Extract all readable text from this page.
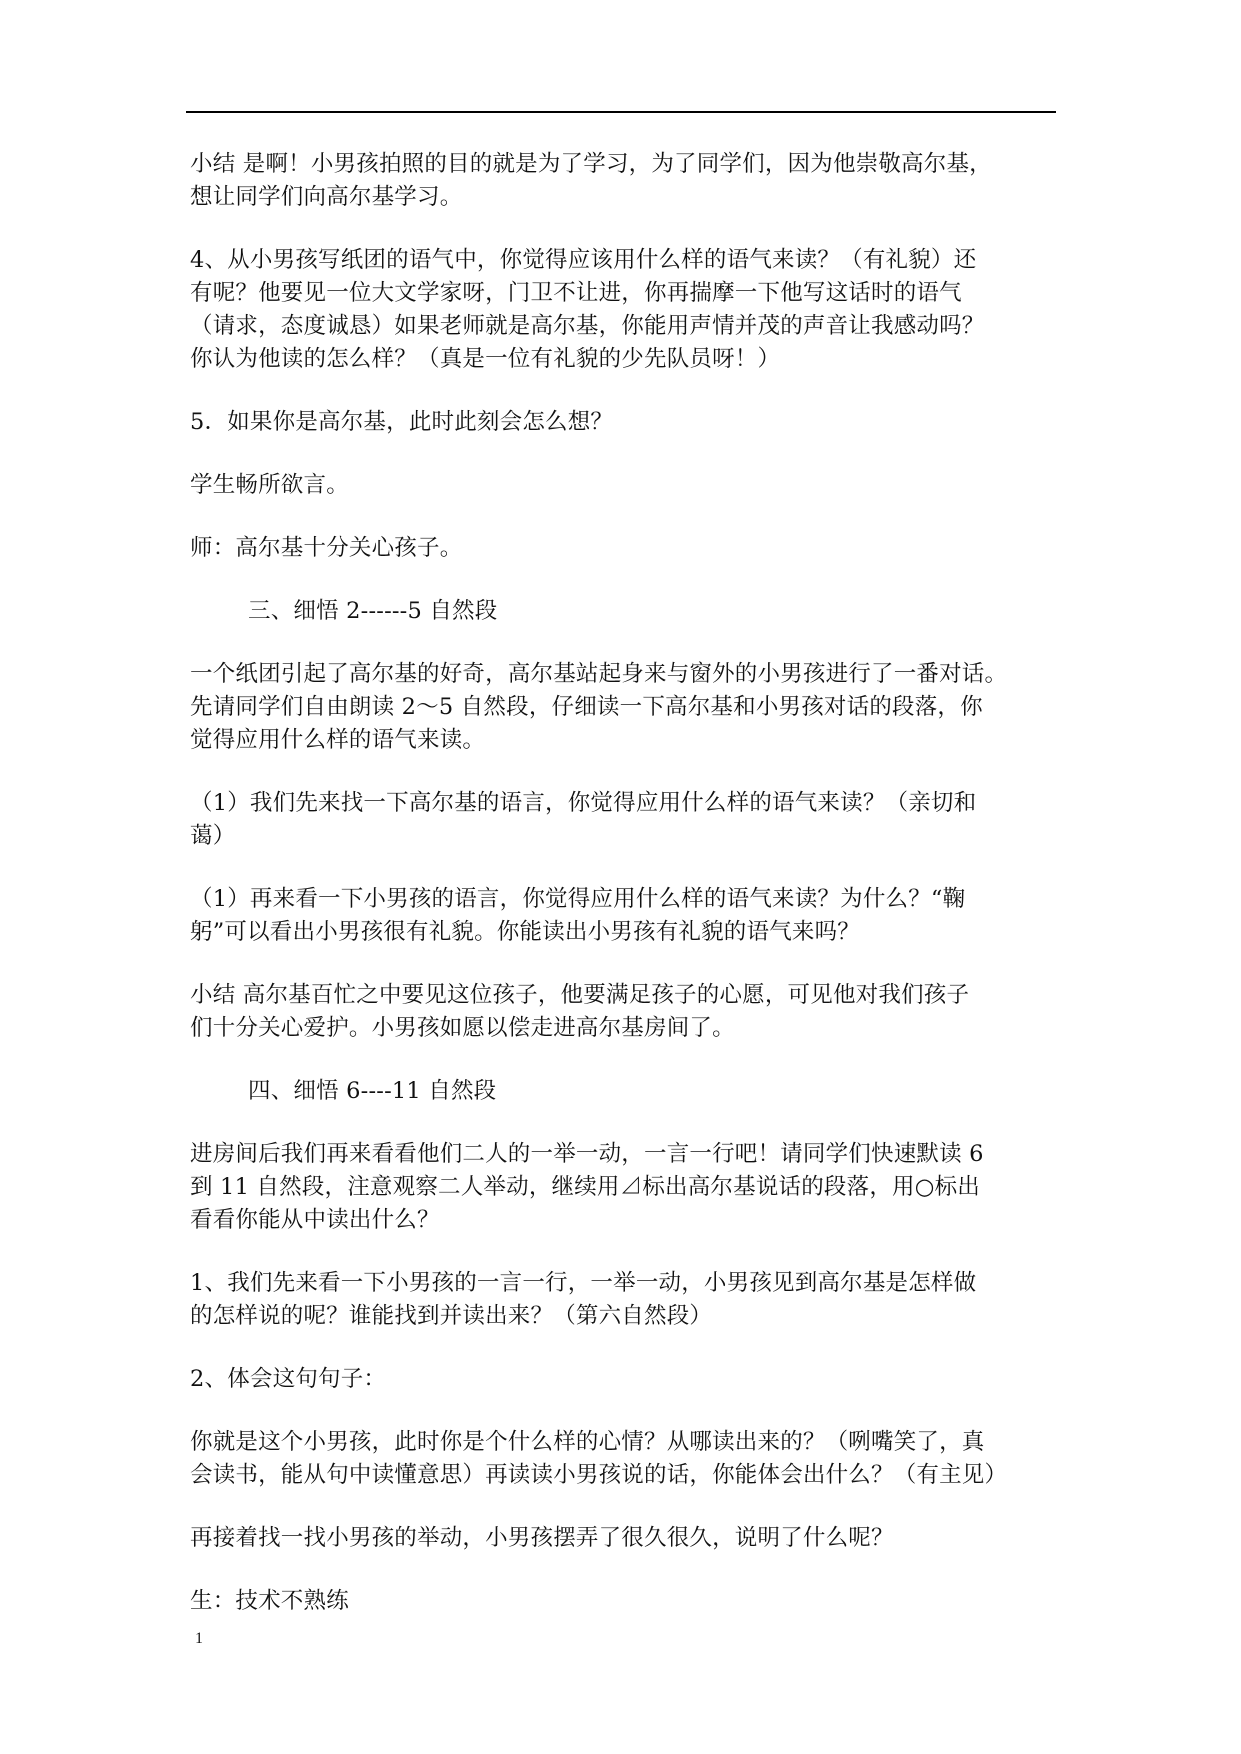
小结 是啊！小男孩拍照的目的就是为了学习，为了同学们，因为他崇敬高尔基，
想让同学们向高尔基学习。

4、从小男孩写纸团的语气中，你觉得应该用什么样的语气来读？（有礼貌）还
有呢？他要见一位大文学家呀，门卫不让进，你再揣摩一下他写这话时的语气
（请求，态度诚恳）如果老师就是高尔基，你能用声情并茂的声音让我感动吗？
你认为他读的怎么样？（真是一位有礼貌的少先队员呀！）

5．如果你是高尔基，此时此刻会怎么想？

学生畅所欲言。

师：高尔基十分关心孩子。

三、细悟 2------5 自然段

一个纸团引起了高尔基的好奇，高尔基站起身来与窗外的小男孩进行了一番对话。
先请同学们自由朗读 2～5 自然段，仔细读一下高尔基和小男孩对话的段落，你
觉得应用什么样的语气来读。

（1）我们先来找一下高尔基的语言，你觉得应用什么样的语气来读？（亲切和
蔼）

（1）再来看一下小男孩的语言，你觉得应用什么样的语气来读？为什么？“鞠
躬”可以看出小男孩很有礼貌。你能读出小男孩有礼貌的语气来吗？

小结 高尔基百忙之中要见这位孩子，他要满足孩子的心愿，可见他对我们孩子
们十分关心爱护。小男孩如愿以偿走进高尔基房间了。

四、细悟 6----11 自然段

进房间后我们再来看看他们二人的一举一动，一言一行吧！请同学们快速默读 6
到 11 自然段，注意观察二人举动，继续用⊿标出高尔基说话的段落，用○标出
看看你能从中读出什么？

1、我们先来看一下小男孩的一言一行，一举一动，小男孩见到高尔基是怎样做
的怎样说的呢？谁能找到并读出来？（第六自然段）

2、体会这句句子：

你就是这个小男孩，此时你是个什么样的心情？从哪读出来的？（咧嘴笑了，真
会读书，能从句中读懂意思）再读读小男孩说的话，你能体会出什么？（有主见）

再接着找一找小男孩的举动，小男孩摆弄了很久很久，说明了什么呢？

生：技术不熟练

1
